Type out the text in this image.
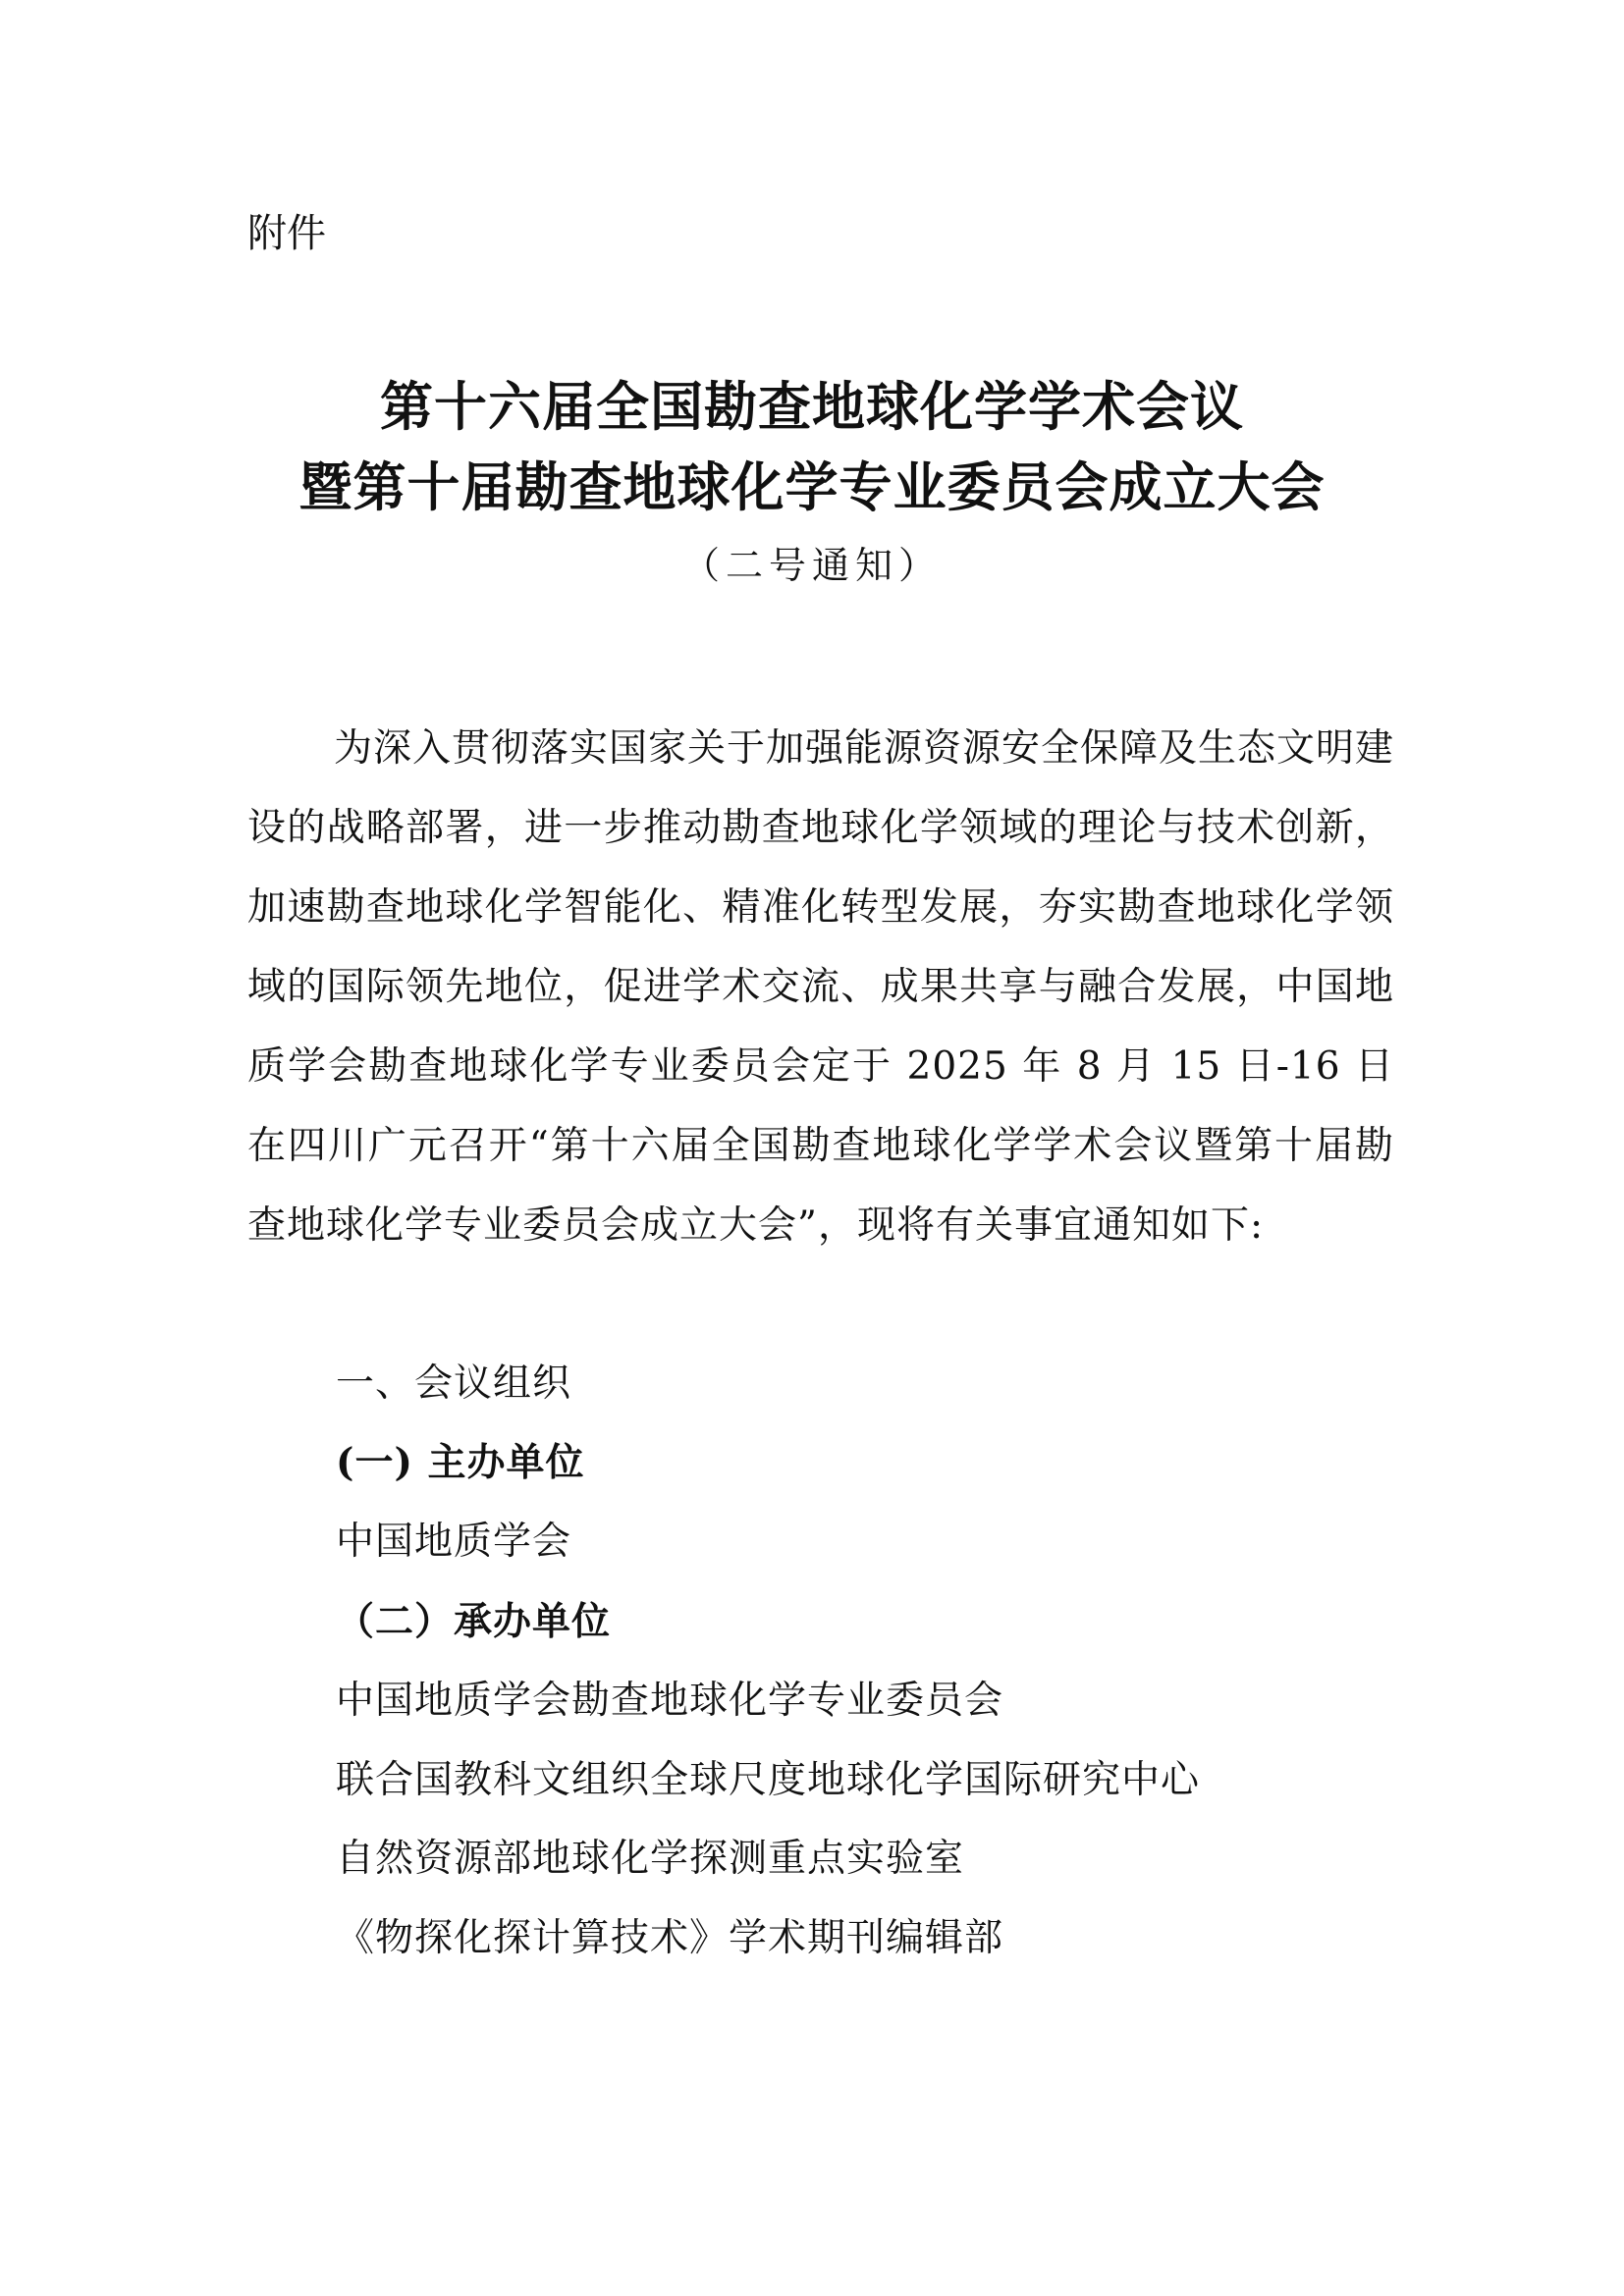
附件

第十六届全国勘查地球化学学术会议
暨第十届勘查地球化学专业委员会成立大会

（二号通知）

为深入贯彻落实国家关于加强能源资源安全保障及生态文明建设的战略部署，进一步推动勘查地球化学领域的理论与技术创新，加速勘查地球化学智能化、精准化转型发展，夯实勘查地球化学领域的国际领先地位，促进学术交流、成果共享与融合发展，中国地质学会勘查地球化学专业委员会定于 2025 年 8 月 15 日-16 日在四川广元召开“第十六届全国勘查地球化学学术会议暨第十届勘查地球化学专业委员会成立大会”，现将有关事宜通知如下:

一、会议组织

(一) 主办单位

中国地质学会

（二）承办单位

中国地质学会勘查地球化学专业委员会

联合国教科文组织全球尺度地球化学国际研究中心

自然资源部地球化学探测重点实验室

《物探化探计算技术》学术期刊编辑部
